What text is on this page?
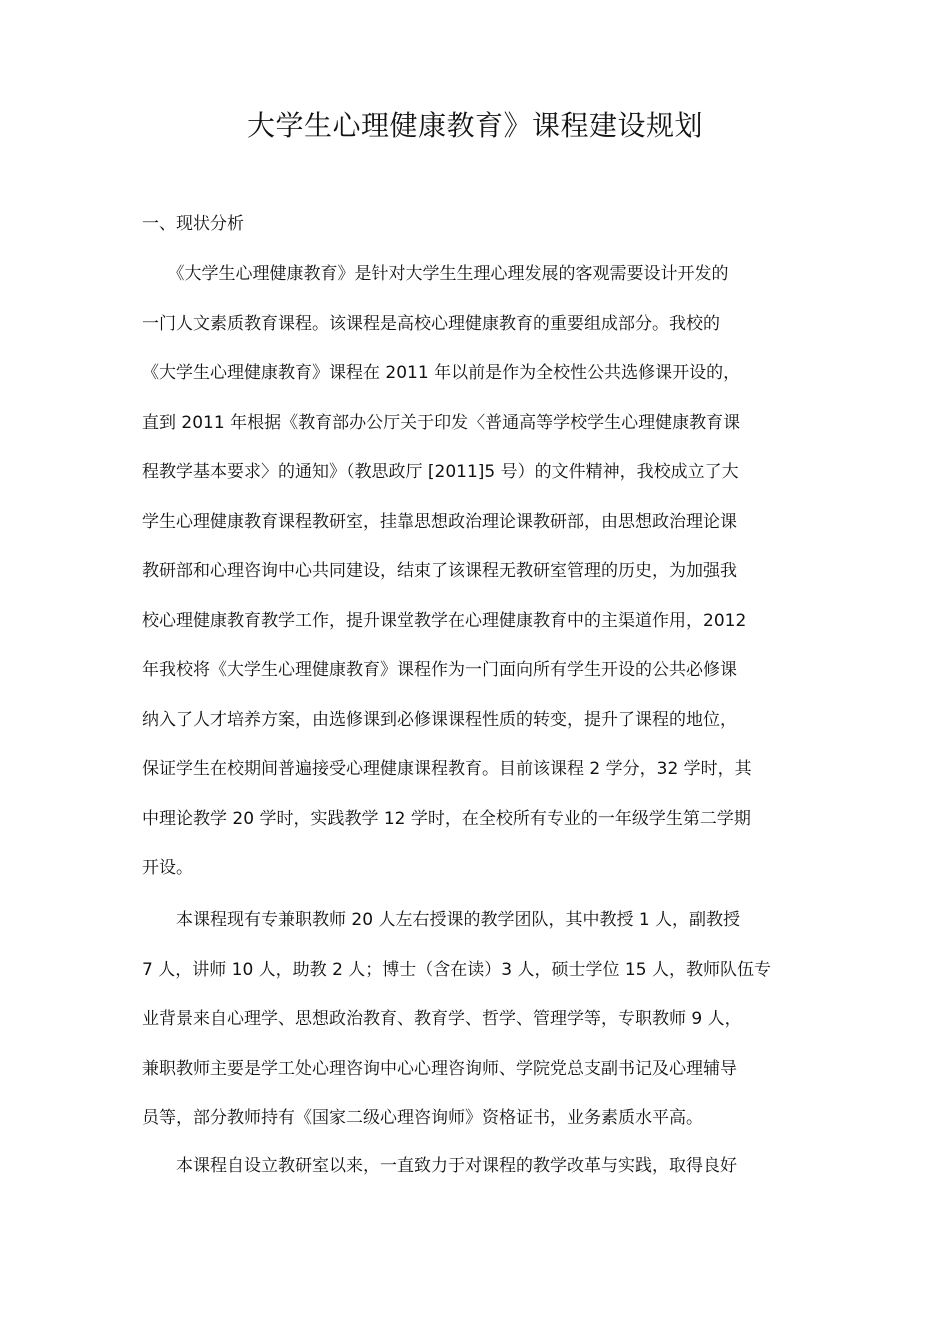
大学生心理健康教育》课程建设规划
一、现状分析

　　《大学生心理健康教育》是针对大学生生理心理发展的客观需要设计开发的
一门人文素质教育课程。该课程是高校心理健康教育的重要组成部分。我校的
《大学生心理健康教育》课程在 2011 年以前是作为全校性公共选修课开设的，
直到 2011 年根据《教育部办公厅关于印发〈普通高等学校学生心理健康教育课
程教学基本要求〉的通知》（教思政厅 [2011]5 号）的文件精神，我校成立了大
学生心理健康教育课程教研室，挂靠思想政治理论课教研部，由思想政治理论课
教研部和心理咨询中心共同建设，结束了该课程无教研室管理的历史，为加强我
校心理健康教育教学工作，提升课堂教学在心理健康教育中的主渠道作用，2012
年我校将《大学生心理健康教育》课程作为一门面向所有学生开设的公共必修课
纳入了人才培养方案，由选修课到必修课课程性质的转变，提升了课程的地位，
保证学生在校期间普遍接受心理健康课程教育。目前该课程 2 学分，32 学时，其
中理论教学 20 学时，实践教学 12 学时，在全校所有专业的一年级学生第二学期
开设。

　　本课程现有专兼职教师 20 人左右授课的教学团队，其中教授 1 人，副教授
7 人，讲师 10 人，助教 2 人；博士（含在读）3 人，硕士学位 15 人，教师队伍专
业背景来自心理学、思想政治教育、教育学、哲学、管理学等，专职教师 9 人，
兼职教师主要是学工处心理咨询中心心理咨询师、学院党总支副书记及心理辅导
员等，部分教师持有《国家二级心理咨询师》资格证书，业务素质水平高。

　　本课程自设立教研室以来，一直致力于对课程的教学改革与实践，取得良好
